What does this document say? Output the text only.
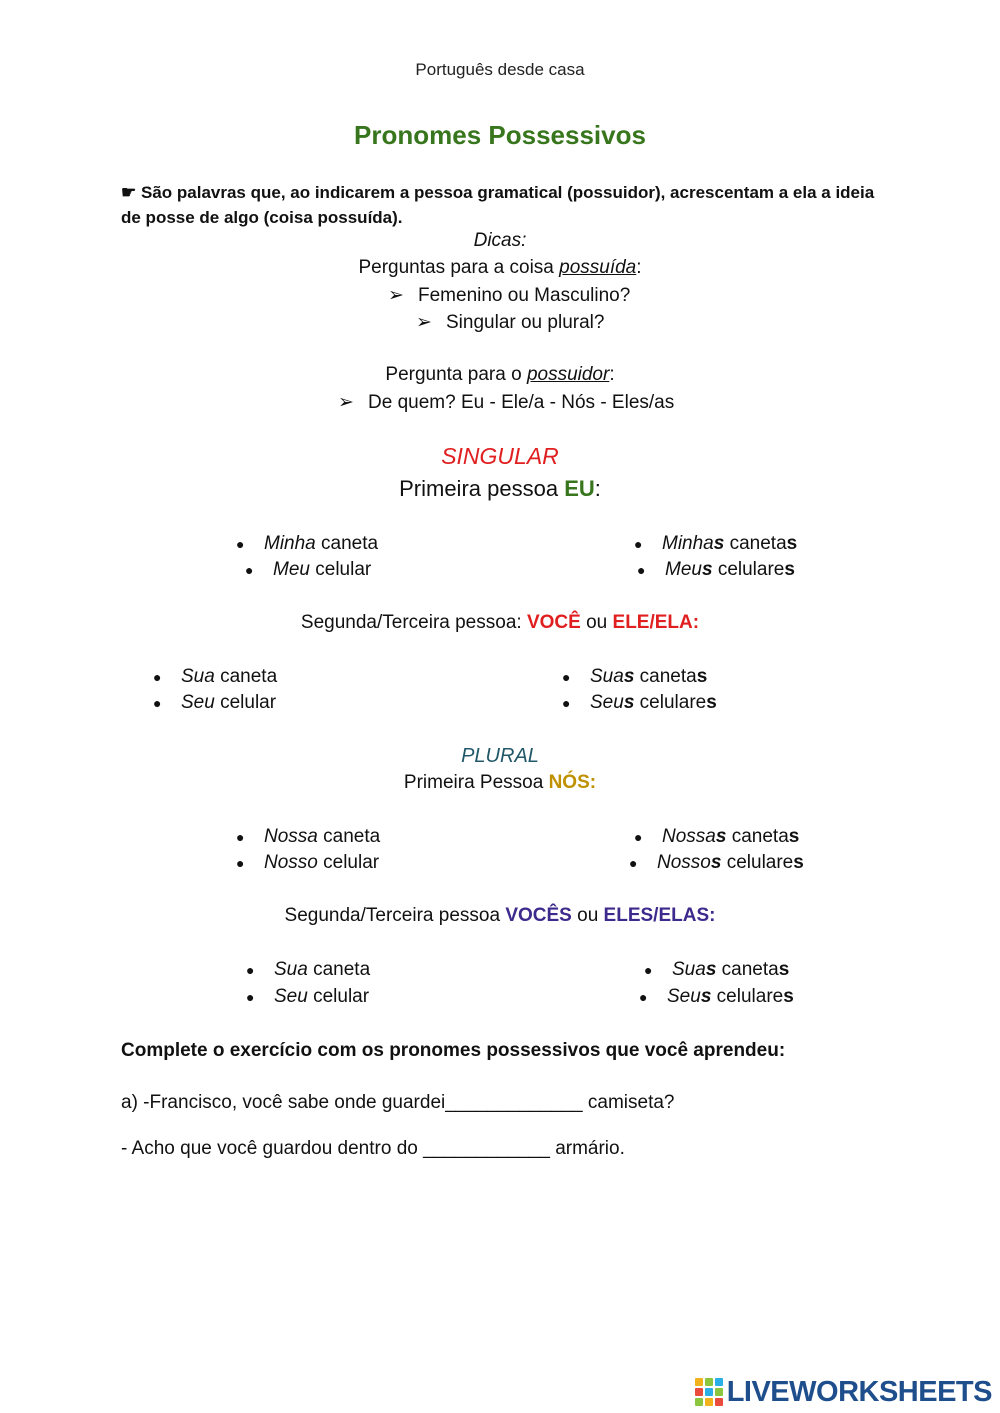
Português desde casa
Pronomes Possessivos
☛ São palavras que, ao indicarem a pessoa gramatical (possuidor), acrescentam a ela a ideia de posse de algo (coisa possuída).
Dicas:
Perguntas para a coisa possuída:
➢ Femenino ou Masculino?
➢ Singular ou plural?
Pergunta para o possuidor:
➢ De quem? Eu - Ele/a - Nós - Eles/as
SINGULAR
Primeira pessoa EU:
● Minha caneta
● Meu celular
● Minhas canetas
● Meus celulares
Segunda/Terceira pessoa: VOCÊ ou ELE/ELA:
● Sua caneta
● Seu celular
● Suas canetas
● Seus celulares
PLURAL
Primeira Pessoa NÓS:
● Nossa caneta
● Nosso celular
● Nossas canetas
● Nossos celulares
Segunda/Terceira pessoa VOCÊS ou ELES/ELAS:
● Sua caneta
● Seu celular
● Suas canetas
● Seus celulares
Complete o exercício com os pronomes possessivos que você aprendeu:
a) -Francisco, você sabe onde guardei_____________ camiseta?
- Acho que você guardou dentro do ____________ armário.
LIVEWORKSHEETS
